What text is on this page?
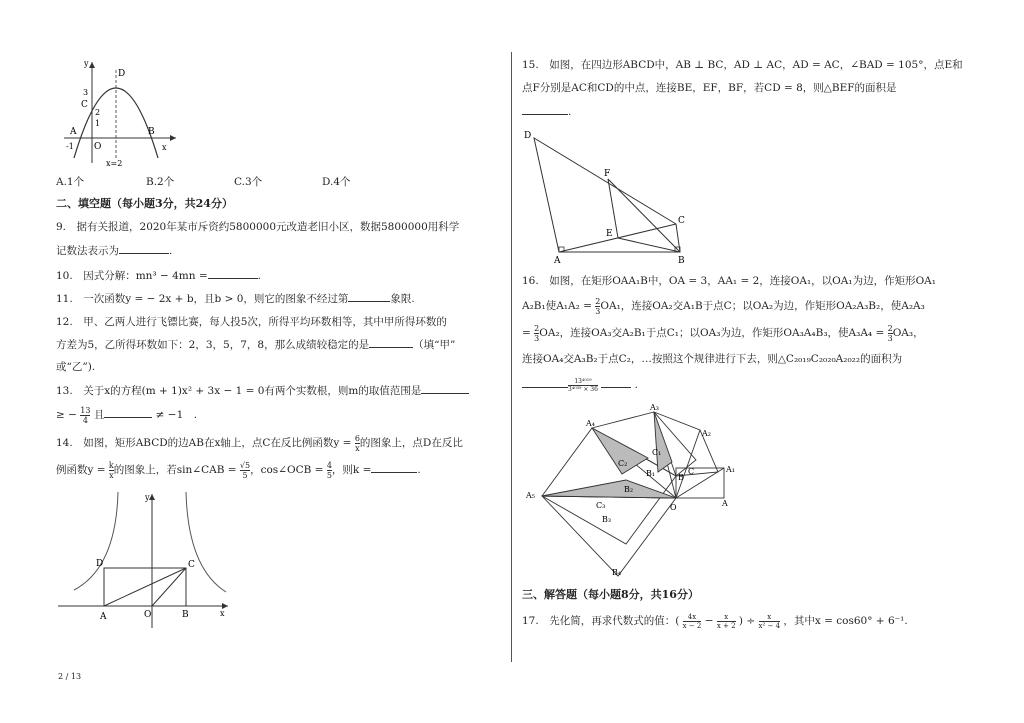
y
D
3
C
2
1
A
-1 O
B
x
x=2
A.1个	B.2个	C.3个	D.4个
二、填空题（每小题3分，共24分）
9.　据有关报道，2020年某市斥资约5800000元改造老旧小区，数据5800000用科学
记数法表示为	.
10.　因式分解：mn³ − 4mn =	.
11.　一次函数y = − 2x + b，且b > 0，则它的图象不经过第	象限.
12.　甲、乙两人进行飞镖比赛，每人投5次，所得平均环数相等，其中甲所得环数的
方差为5，乙所得环数如下：2，3，5，7，8，那么成绩较稳定的是	（填“甲”
或“乙”).
13.　关于x的方程(m + 1)x² + 3x − 1 = 0有两个实数根，则m的取值范围是
≥ − $\frac{13}{4}$ 且	≠ −1　.
14.　如图，矩形ABCD的边AB在x轴上，点C在反比例函数$y = \frac{6}{x}$ 的图象上，点D在反比
例函数$y = \frac{k}{x}$ 的图象上，若sin∠CAB = $\frac{√5}{5}$ ，cos∠OCB = $\frac{4}{5}$ ，则k =	.
y
D	C
A	O	B	x
15.　如图，在四边形ABCD中，AB ⊥ BC，AD ⊥ AC，AD = AC，∠BAD = 105°，点E和
点F分别是AC和CD的中点，连接BE，EF，BF，若CD = 8，则△BEF的面积是
.
D
F
C
E
A	B
16.　如图，在矩形OAA₁B中，OA = 3，AA₁ = 2，连接OA₁，以OA₁为边，作矩形OA₁
A₂B₁使$A_1A_2 = \frac{2}{3} OA_1$，连接OA₂交A₁B于点C；以OA₂为边，作矩形OA₂A₃B₂，使A₂A₃
= $\frac{2}{3} OA_2$，连接OA₃交A₂B₁于点C₁；以OA₃为边，作矩形OA₃A₄B₃，使$A_3A_4 = \frac{2}{3} OA_3$，
连接OA₄交A₃B₂于点C₂，…按照这个规律进行下去，则△C₂₀₁₉C₂₀₂₀A₂₀₂₂的面积为
$\frac{\text{13⁴⁰¹⁹}}{\text{3⁴⁰³⁹ × 36}}$	.
A₃
A₄
A₂
C₁
C₂
C
B₁	B
A₁
A₅
B₂
O	A
C₃
B₃
B₄
三、解答题（每小题8分，共16分）
17.　先化简，再求代数式的值：( $\frac{4x}{x - 2} - \frac{x}{x + 2}$ ) ÷ $\frac{x}{\text{x² − 4}}$ ，其中x = cos60° + 6⁻¹.
2 / 13
